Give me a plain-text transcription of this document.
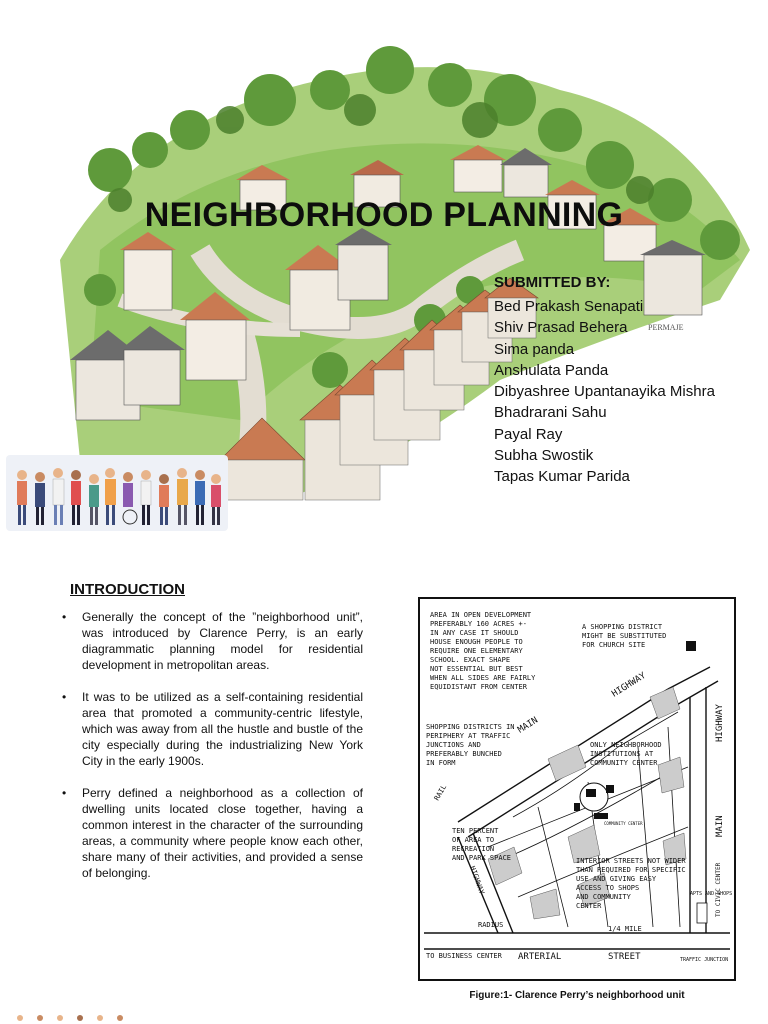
PERMAJE
NEIGHBORHOOD PLANNING
SUBMITTED BY:
Bed Prakash Senapati
Shiv Prasad Behera
Sima panda
Anshulata Panda
Dibyashree Upantanayika Mishra
Bhadrarani Sahu
Payal Ray
Subha Swostik
Tapas Kumar Parida
INTRODUCTION
• Generally the concept of the ”neighborhood unit”, was introduced by Clarence Perry, is an early diagrammatic planning model for residential development in metropolitan areas.
• It was to be utilized as a self-containing residential area that promoted a community-centric lifestyle, which was away from all the hustle and bustle of the city especially during the industrializing New York City in the early 1900s.
• Perry defined a neighborhood as a collection of dwelling units located close together, having a common interest in the character of the surrounding areas, a community where people know each other, share many of their activities, and provided a sense of belonging.
AREA IN OPEN DEVELOPMENT
PREFERABLY 160 ACRES +-
IN ANY CASE IT SHOULD
HOUSE ENOUGH PEOPLE TO
REQUIRE ONE ELEMENTARY
SCHOOL. EXACT SHAPE
NOT ESSENTIAL BUT BEST
WHEN ALL SIDES ARE FAIRLY
EQUIDISTANT FROM CENTER
A SHOPPING DISTRICT
MIGHT BE SUBSTITUTED
FOR CHURCH SITE
SHOPPING DISTRICTS IN
PERIPHERY AT TRAFFIC
JUNCTIONS AND
PREFERABLY BUNCHED
IN FORM
ONLY NEIGHBORHOOD
INSTITUTIONS AT
COMMUNITY CENTER
TEN PERCENT
OF AREA TO
RECREATION
AND PARK SPACE	INTERIOR STREETS NOT WIDER
THAN REQUIRED FOR SPECIFIC
USE AND GIVING EASY
ACCESS TO SHOPS
AND COMMUNITY
CENTER
TO BUSINESS CENTER	TRAFFIC JUNCTION
RADIUS	1/4 MILE
COMMUNITY CENTER
APTS AND SHOPS
RAIL
HIGHWAY
MAIN	HIGHWAY
MAIN
TO CIVIC CENTER
ARTERIAL	STREET
HIGHWAY
Figure:1- Clarence Perry’s neighborhood unit
